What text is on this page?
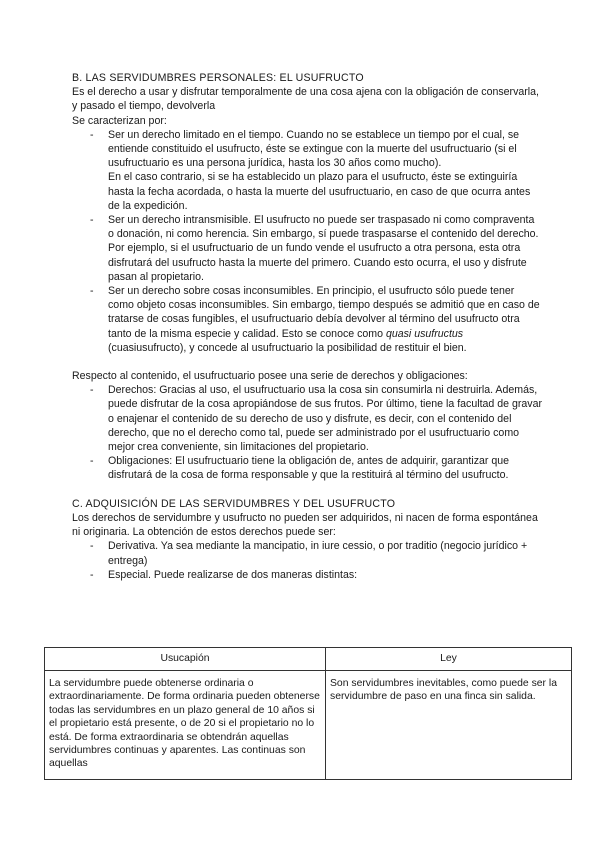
B. LAS SERVIDUMBRES PERSONALES: EL USUFRUCTO

Es el derecho a usar y disfrutar temporalmente de una cosa ajena con la obligación de conservarla, y pasado el tiempo, devolverla

Se caracterizan por:

- Ser un derecho limitado en el tiempo. Cuando no se establece un tiempo por el cual, se entiende constituido el usufructo, éste se extingue con la muerte del usufructuario (si el usufructuario es una persona jurídica, hasta los 30 años como mucho).
En el caso contrario, si se ha establecido un plazo para el usufructo, éste se extinguiría hasta la fecha acordada, o hasta la muerte del usufructuario, en caso de que ocurra antes de la expedición.
- Ser un derecho intransmisible. El usufructo no puede ser traspasado ni como compraventa o donación, ni como herencia. Sin embargo, sí puede traspasarse el contenido del derecho. Por ejemplo, si el usufructuario de un fundo vende el usufructo a otra persona, esta otra disfrutará del usufructo hasta la muerte del primero. Cuando esto ocurra, el uso y disfrute pasan al propietario.
- Ser un derecho sobre cosas inconsumibles. En principio, el usufructo sólo puede tener como objeto cosas inconsumibles. Sin embargo, tiempo después se admitió que en caso de tratarse de cosas fungibles, el usufructuario debía devolver al término del usufructo otra tanto de la misma especie y calidad. Esto se conoce como quasi usufructus (cuasiusufructo), y concede al usufructuario la posibilidad de restituir el bien.

Respecto al contenido, el usufructuario posee una serie de derechos y obligaciones:

- Derechos: Gracias al uso, el usufructuario usa la cosa sin consumirla ni destruirla. Además, puede disfrutar de la cosa apropiándose de sus frutos. Por último, tiene la facultad de gravar o enajenar el contenido de su derecho de uso y disfrute, es decir, con el contenido del derecho, que no el derecho como tal, puede ser administrado por el usufructuario como mejor crea conveniente, sin limitaciones del propietario.
- Obligaciones: El usufructuario tiene la obligación de, antes de adquirir, garantizar que disfrutará de la cosa de forma responsable y que la restituirá al término del usufructo.
C. ADQUISICIÓN DE LAS SERVIDUMBRES Y DEL USUFRUCTO

Los derechos de servidumbre y usufructo no pueden ser adquiridos, ni nacen de forma espontánea ni originaria. La obtención de estos derechos puede ser:

- Derivativa. Ya sea mediante la mancipatio, in iure cessio, o por traditio (negocio jurídico + entrega)
- Especial. Puede realizarse de dos maneras distintas:
Usucapión	Ley
La servidumbre puede obtenerse ordinaria o extraordinariamente. De forma ordinaria pueden obtenerse todas las servidumbres en un plazo general de 10 años si el propietario está presente, o de 20 si el propietario no lo está. De forma extraordinaria se obtendrán aquellas servidumbres continuas y aparentes. Las continuas son aquellas	Son servidumbres inevitables, como puede ser la servidumbre de paso en una finca sin salida.
